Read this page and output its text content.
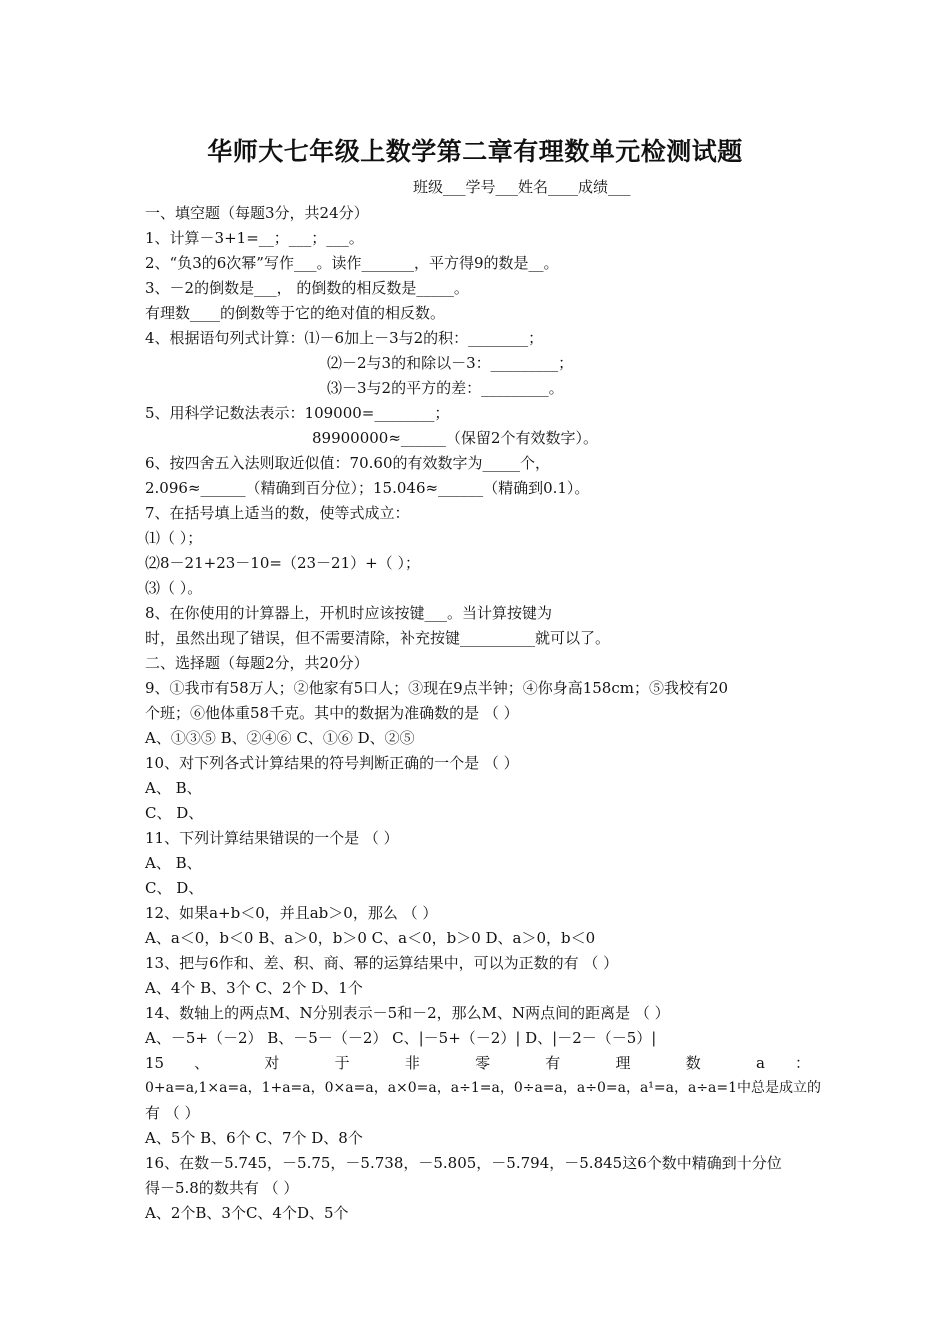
华师大七年级上数学第二章有理数单元检测试题
班级___学号___姓名____成绩___
一、填空题（每题3分，共24分）
1、计算－3+1=__；___；___。
2、“负3的6次幂”写作___。读作_______，平方得9的数是__。
3、－2的倒数是___， 的倒数的相反数是_____。
有理数____的倒数等于它的绝对值的相反数。
4、根据语句列式计算：⑴－6加上－3与2的积：________；
⑵－2与3的和除以－3：_________；
⑶－3与2的平方的差：_________。
5、用科学记数法表示：109000=________；
89900000≈______（保留2个有效数字）。
6、按四舍五入法则取近似值：70.60的有效数字为_____个，
2.096≈______（精确到百分位）；15.046≈______（精确到0.1）。
7、在括号填上适当的数，使等式成立：
⑴（ ）；
⑵8－21+23－10=（23－21）+（ ）；
⑶（ ）。
8、在你使用的计算器上，开机时应该按键___。当计算按键为
时，虽然出现了错误，但不需要清除，补充按键__________就可以了。
二、选择题（每题2分，共20分）
9、①我市有58万人；②他家有5口人；③现在9点半钟；④你身高158cm；⑤我校有20
个班；⑥他体重58千克。其中的数据为准确数的是 （ ）
A、①③⑤ B、②④⑥ C、①⑥ D、②⑤
10、对下列各式计算结果的符号判断正确的一个是 （ ）
A、 B、
C、 D、
11、下列计算结果错误的一个是 （ ）
A、 B、
C、 D、
12、如果a+b＜0，并且ab＞0，那么 （ ）
A、a＜0，b＜0 B、a＞0，b＞0 C、a＜0，b＞0 D、a＞0，b＜0
13、把与6作和、差、积、商、幂的运算结果中，可以为正数的有 （ ）
A、4个 B、3个 C、2个 D、1个
14、数轴上的两点M、N分别表示－5和－2，那么M、N两点间的距离是 （ ）
A、－5+（－2） B、－5－（－2） C、|－5+（－2）| D、|－2－（－5）|
15 、 对 于 非 零 有 理 数 a ：
0+a=a,1×a=a，1+a=a，0×a=a，a×0=a，a÷1=a，0÷a=a，a÷0=a，a¹=a，a÷a=1中总是成立的
有 （ ）
A、5个 B、6个 C、7个 D、8个
16、在数－5.745，－5.75，－5.738，－5.805，－5.794，－5.845这6个数中精确到十分位
得－5.8的数共有 （ ）
A、2个B、3个C、4个D、5个
